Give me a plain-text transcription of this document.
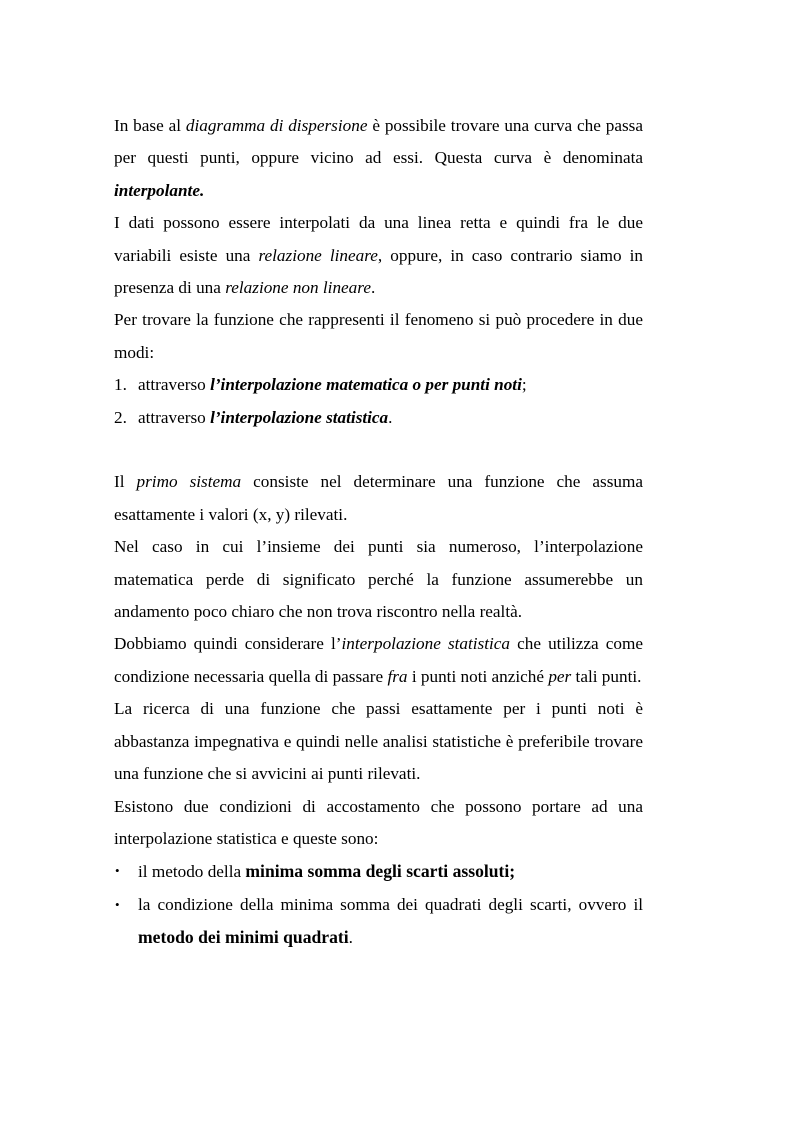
In base al diagramma di dispersione è possibile trovare una curva che passa per questi punti, oppure vicino ad essi. Questa curva è denominata interpolante.

I dati possono essere interpolati da una linea retta e quindi fra le due variabili esiste una relazione lineare, oppure, in caso contrario siamo in presenza di una relazione non lineare.

Per trovare la funzione che rappresenti il fenomeno si può procedere in due modi:

1. attraverso l’interpolazione matematica o per punti noti;
2. attraverso l’interpolazione statistica.

Il primo sistema consiste nel determinare una funzione che assuma esattamente i valori (x, y) rilevati.

Nel caso in cui l’insieme dei punti sia numeroso, l’interpolazione matematica perde di significato perché la funzione assumerebbe un andamento poco chiaro che non trova riscontro nella realtà.

Dobbiamo quindi considerare l’interpolazione statistica che utilizza come condizione necessaria quella di passare fra i punti noti anziché per tali punti.

La ricerca di una funzione che passi esattamente per i punti noti è abbastanza impegnativa e quindi nelle analisi statistiche è preferibile trovare una funzione che si avvicini ai punti rilevati.

Esistono due condizioni di accostamento che possono portare ad una interpolazione statistica e queste sono:

• il metodo della minima somma degli scarti assoluti;
• la condizione della minima somma dei quadrati degli scarti, ovvero il metodo dei minimi quadrati.
